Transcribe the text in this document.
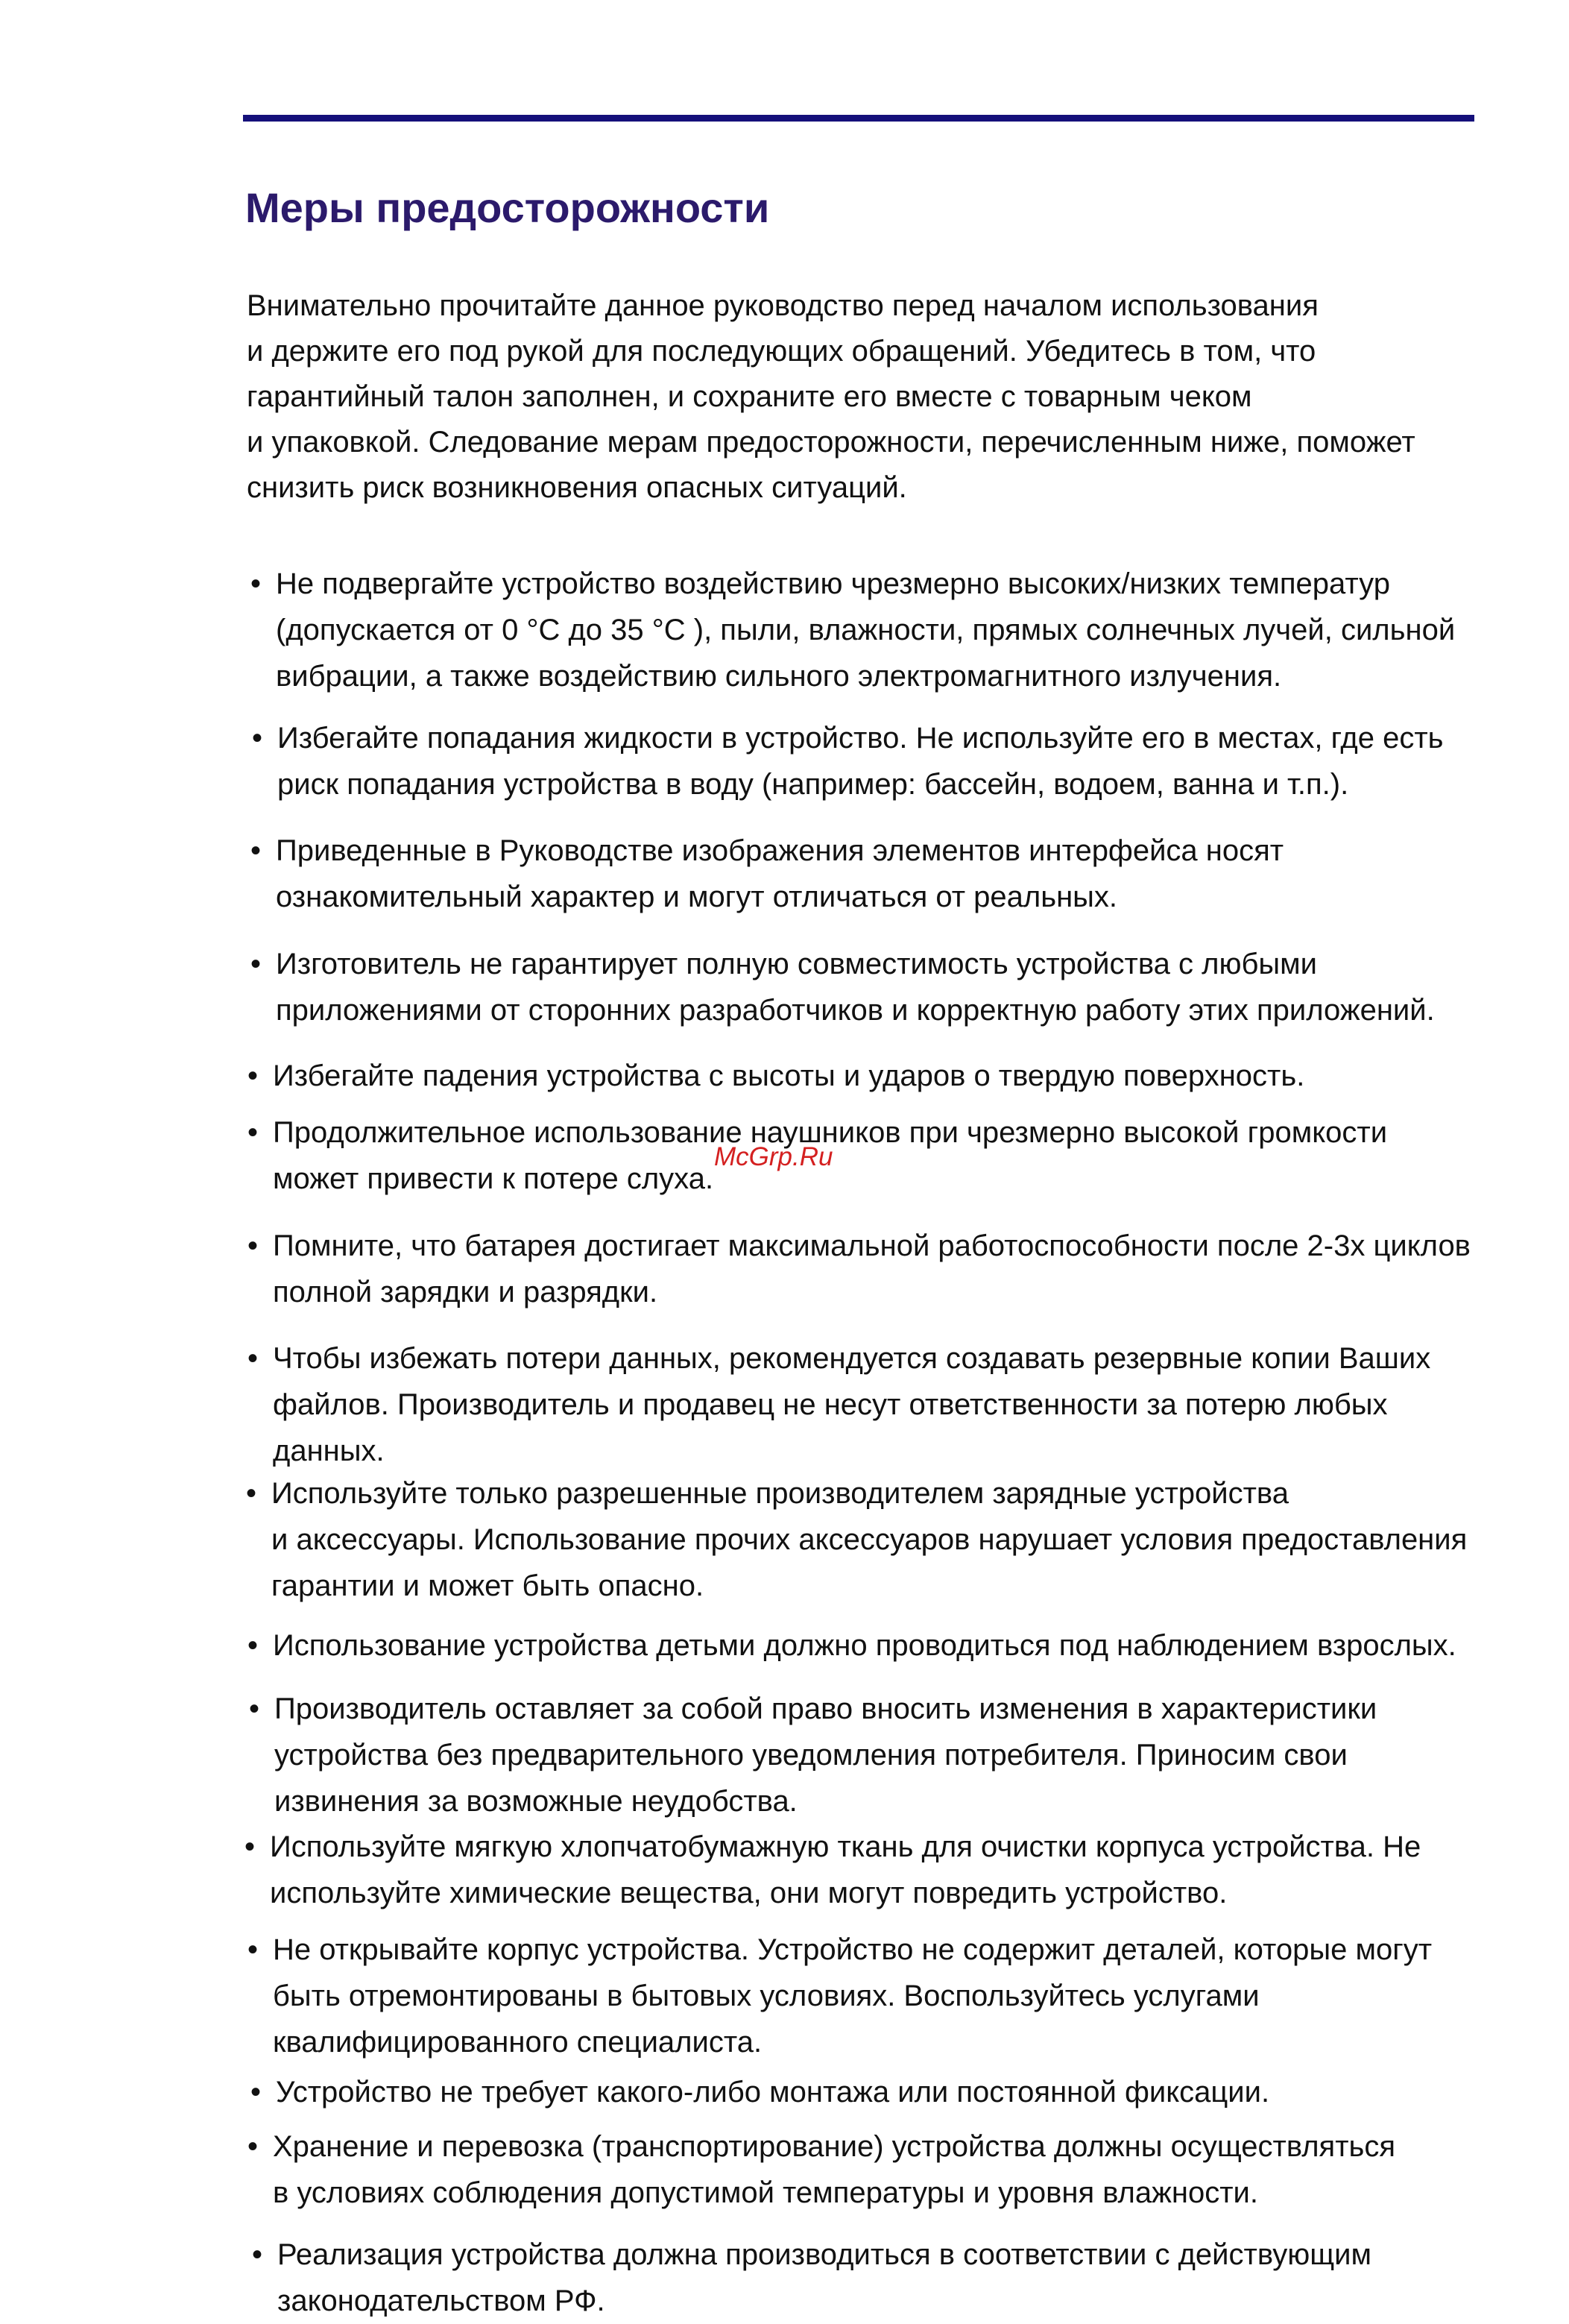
Меры предосторожности
Внимательно прочитайте данное руководство перед началом использования
и держите его под рукой для последующих обращений. Убедитесь в том, что
гарантийный талон заполнен, и сохраните его вместе с товарным чеком
и упаковкой. Следование мерам предосторожности, перечисленным ниже, поможет
снизить риск возникновения опасных ситуаций.
• Не подвергайте устройство воздействию чрезмерно высоких/низких температур
(допускается от 0 °С до 35 °С ), пыли, влажности, прямых солнечных лучей, сильной
вибрации, а также воздействию сильного электромагнитного излучения.
• Избегайте попадания жидкости в устройство. Не используйте его в местах, где есть
риск попадания устройства в воду (например: бассейн, водоем, ванна и т.п.).
• Приведенные в Руководстве изображения элементов интерфейса носят
ознакомительный характер и могут отличаться от реальных.
• Изготовитель не гарантирует полную совместимость устройства с любыми
приложениями от сторонних разработчиков и корректную работу этих приложений.
• Избегайте падения устройства с высоты и ударов о твердую поверхность.
• Продолжительное использование наушников при чрезмерно высокой громкости
может привести к потере слуха.
• Помните, что батарея достигает максимальной работоспособности после 2-3х циклов
полной зарядки и разрядки.
• Чтобы избежать потери данных, рекомендуется создавать резервные копии Ваших
файлов. Производитель и продавец не несут ответственности за потерю любых
данных.
• Используйте только разрешенные производителем зарядные устройства
и аксессуары. Использование прочих аксессуаров нарушает условия предоставления
гарантии и может быть опасно.
• Использование устройства детьми должно проводиться под наблюдением взрослых.
• Производитель оставляет за собой право вносить изменения в характеристики
устройства без предварительного уведомления потребителя. Приносим свои
извинения за возможные неудобства.
• Используйте мягкую хлопчатобумажную ткань для очистки корпуса устройства. Не
используйте химические вещества, они могут повредить устройство.
• Не открывайте корпус устройства. Устройство не содержит деталей, которые могут
быть отремонтированы в бытовых условиях. Воспользуйтесь услугами
квалифицированного специалиста.
• Устройство не требует какого-либо монтажа или постоянной фиксации.
• Хранение и перевозка (транспортирование) устройства должны осуществляться
в условиях соблюдения допустимой температуры и уровня влажности.
• Реализация устройства должна производиться в соответствии с действующим
законодательством РФ.
McGrp.Ru
